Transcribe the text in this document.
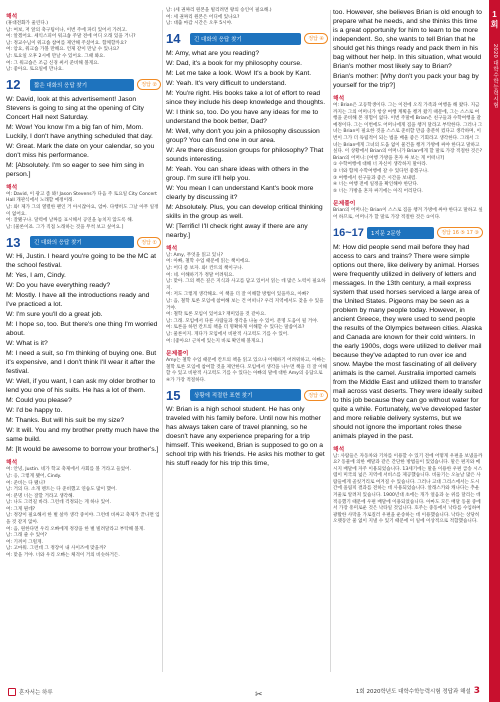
1회
2020 대학수학능력시험
해석

(휴대전화가 울린다.)

남: 여보, 저 앞의 축구팀이나, 이번 주에 파티 있어서 가려고.

여: 알겠어요. 셰익스피어 워크숍 주말 전에 어디 오래 있을 거니?

남: 정교수님이 워크숍 참여를 제안해 주셨어요. 함께할까요?

여: 암요, 워크숍 가볼 만해요. 언제 같이 만날 수 있나요?

남: 토요일 오후 2시에 만날 수 있어요. 그때 봐요.

여: 그 워크숍은 조금 신경 써서 준비해 볼게요.

남: 좋아요. 토요일에 만나요.

12	짧은 대화의 응답 찾기	정답 ②

W: David, look at this advertisement! Jason Stevens is going to sing at the opening of City Concert Hall next Saturday.

M: Wow! You know I'm a big fan of him, Mom. Luckily, I don't have anything scheduled that day.

W: Great. Mark the date on your calendar, so you don't miss his performance.

M: [Absolutely. I'm so eager to see him sing in person.]

해석

여: David, 이 광고 좀 봐! Jason Stevens가 다음 주 토요일 City Concert Hall 개관식에서 노래할 예정이래.

남: 와! 제가 그의 열렬한 팬인 거 아시잖아요, 엄마. 다행히도 그날 아무 일정이 없어요.

여: 잘됐구나. 달력에 날짜를 표시해서 공연을 놓치지 않도록 해.

남: [물론이죠. 그가 직접 노래하는 것을 무척 보고 싶어요.]

13	긴 대화의 응답 찾기	정답 ①

W: Hi, Justin. I heard you're going to be the MC at the school festival.

M: Yes, I am, Cindy.

W: Do you have everything ready?

M: Mostly. I have all the introductions ready and I've practiced a lot.

W: I'm sure you'll do a great job.

M: I hope so, too. But there's one thing I'm worried about.

W: What is it?

M: I need a suit, so I'm thinking of buying one. But it's expensive, and I don't think I'll wear it after the festival.

W: Well, if you want, I can ask my older brother to lend you one of his suits. He has a lot of them.

M: Could you please?

W: I'd be happy to.

M: Thanks. But will his suit be my size?

W: It will. You and my brother pretty much have the same build.

M: [It would be awesome to borrow your brother's.]

해석

여: 안녕, Justin. 네가 학교 축제에서 사회를 볼 거라고 들었어.

남: 응, 그렇게 됐어, Cindy.

여: 준비는 다 됐니?

남: 거의 다. 소개 멘트는 다 준비했고 연습도 많이 했어.

여: 분명 너는 잘할 거라고 생각해.

남: 나도 그러길 바라. 그런데 걱정되는 게 하나 있어.

여: 그게 뭔데?

남: 정장이 필요해서 한 벌 살까 생각 중이야. 그런데 비싸고 축제가 끝나면 입을 것 같지 않아.

여: 음, 원한다면 우리 오빠에게 정장을 한 벌 빌려달라고 부탁해 볼게.

남: 그래 줄 수 있어?

여: 기꺼이 그럴게.

남: 고마워. 그런데 그 정장이 내 사이즈에 맞을까?

여: 맞을 거야. 너와 우리 오빠는 체격이 거의 비슷하거든.

남: (세 권짜리 원본을 빌리려면 왕의 승인이 필요해.)

여: 세 권짜리 원본은 어디에 있나요?

남: 대출 마감 시간은 오후 5시야.

14	긴 대화의 응답 찾기	정답 ④

M: Amy, what are you reading?

W: Dad, it's a book for my philosophy course.

M: Let me take a look. Wow! It's a book by Kant.

W: Yeah. It's very difficult to understand.

M: You're right. His books take a lot of effort to read since they include his deep knowledge and thoughts.

W: I think so, too. Do you have any ideas for me to understand the book better, Dad?

M: Well, why don't you join a philosophy discussion group? You can find one in our area.

W: Are there discussion groups for philosophy? That sounds interesting.

M: Yeah. You can share ideas with others in the group. I'm sure it'll help you.

W: You mean I can understand Kant's book more clearly by discussing it?

M: Absolutely. Plus, you can develop critical thinking skills in the group as well.

W: [Terrific! I'll check right away if there are any nearby.]

해석

남: Amy, 무엇을 읽고 있니?

여: 아빠, 철학 수업 때문에 읽는 책이에요.

남: 어디 좀 보자. 와! 칸트의 책이구나.

여: 네. 이해하기가 정말 어려워요.

남: 맞아. 그의 책은 깊은 지식과 사고를 담고 있어서 읽는 데 많은 노력이 필요하지.

여: 저도 그렇게 생각해요. 이 책을 더 잘 이해할 방법이 있을까요, 아빠?

남: 음, 철학 토론 모임에 참여해 보는 건 어떠니? 우리 지역에서도 찾을 수 있을 거야.

여: 철학 토론 모임이 있어요? 재미있을 것 같아요.

남: 그래. 모임에서 다른 사람들과 생각을 나눌 수 있어. 분명 도움이 될 거야.

여: 토론을 하면 칸트의 책을 더 명확하게 이해할 수 있다는 말씀이죠?

남: 물론이지. 게다가 모임에서 비판적 사고력도 기를 수 있어.

여: [좋아요! 근처에 있는지 바로 확인해 볼게요.]

문제풀이

Amy는 철학 수업 때문에 칸트의 책을 읽고 있으나 이해하기 어려워하고, 아빠는 철학 토론 모임에 참여할 것을 제안한다. 모임에서 생각을 나누면 책을 더 잘 이해할 수 있고 비판적 사고력도 기를 수 있다는 아빠의 말에 대한 Amy의 응답으로 ④가 가장 적절하다.

15	상황에 적절한 표현 찾기	정답 ①

W: Brian is a high school student. He has only traveled with his family before. Until now his mother has always taken care of travel planning, so he doesn't have any experience preparing for a trip himself. This weekend, Brian is supposed to go on a school trip with his friends. He asks his mother to get his stuff ready for his trip this time,

too. However, she believes Brian is old enough to prepare what he needs, and she thinks this time is a great opportunity for him to learn to be more independent. So, she wants to tell Brian that he should get his things ready and pack them in his bag without her help. In this situation, what would Brian's mother most likely say to Brian?

Brian's mother: [Why don't you pack your bag by yourself for the trip?]

해석

여: Brian은 고등학생이다. 그는 이전에 오직 가족과 여행을 해 왔다. 지금까지는 그의 어머니가 항상 여행 계획을 챙겨 왔기 때문에, 그는 스스로 여행을 준비해 본 경험이 없다. 이번 주말에 Brian은 친구들과 수학여행을 갈 예정이다. 그는 이번에도 어머니에게 짐을 챙겨 달라고 부탁한다. 그러나 그녀는 Brian이 필요한 것을 스스로 준비할 만큼 충분히 컸다고 생각하며, 이번이 그가 더 독립적이 되는 법을 배울 좋은 기회라고 생각한다. 그래서 그녀는 Brian에게 그녀의 도움 없이 물건을 챙겨 가방에 싸야 한다고 말하고 싶다. 이 상황에서 Brian의 어머니가 Brian에게 할 말로 가장 적절한 것은?

Brian의 어머니: [여행 가방을 혼자 싸 보는 게 어떠니?]

① 수학여행에 대해 너 자신이 생각하지 말아라.

② 너와 함께 수학여행에 갈 수 있다면 좋겠구나.

③ 여행에서 친구들과 좋은 시간을 보내렴.

④ 너는 여행 전에 일정을 확인해야 한단다.

⑤ 너는 가방을 혼자 싸기에는 아직 어리단다.

문제풀이

Brian의 어머니는 Brian이 스스로 짐을 챙겨 가방에 싸야 한다고 말하고 싶어 하므로, 어머니가 할 말로 가장 적절한 것은 ①이다.

16~17	1지문 2문항	정답 16 ⑤ 17 ③

M: How did people send mail before they had access to cars and trains? There were simple options out there, like delivery by animal. Horses were frequently utilized in delivery of letters and messages. In the 13th century, a mail express system that used horses serviced a large area of the United States. Pigeons may be seen as a problem by many people today. However, in ancient Greece, they were used to send people the results of the Olympics between cities. Alaska and Canada are known for their cold winters. In the early 1900s, dogs were utilized to deliver mail because they've adapted to run over ice and snow. Maybe the most fascinating of all delivery animals is the camel. Australia imported camels from the Middle East and utilized them to transfer mail across vast deserts. They were ideally suited to this job because they can go without water for quite a while. Fortunately, we've developed faster and more reliable delivery systems, but we should not ignore the important roles these animals played in the past.

해석

남: 사람들은 자동차와 기차를 이용할 수 있기 전에 어떻게 우편을 보냈을까요? 동물에 의한 배달과 같은 간단한 방법들이 있었습니다. 말은 편지와 메시지 배달에 자주 이용되었습니다. 13세기에는 말을 이용한 우편 급송 시스템이 미국의 넓은 지역에 서비스를 제공했습니다. 비둘기는 오늘날 많은 사람들에게 골칫거리로 여겨질 수 있습니다. 그러나 고대 그리스에서는 도시 간에 올림픽 결과를 전하는 데 사용되었습니다. 알래스카와 캐나다는 추운 겨울로 알려져 있습니다. 1900년대 초에는 개가 얼음과 눈 위를 달리는 데 적응했기 때문에 우편 배달에 이용되었습니다. 아마도 모든 배달 동물 중에서 가장 흥미로운 것은 낙타일 것입니다. 호주는 중동에서 낙타를 수입하여 광활한 사막을 가로질러 우편을 운송하는 데 이용했습니다. 낙타는 상당히 오랫동안 물 없이 지낼 수 있기 때문에 이 일에 이상적으로 적합했습니다.

혼자서는 하루	✂	1회 2020학년도 대학수학능력시험 정답과 해설 3
